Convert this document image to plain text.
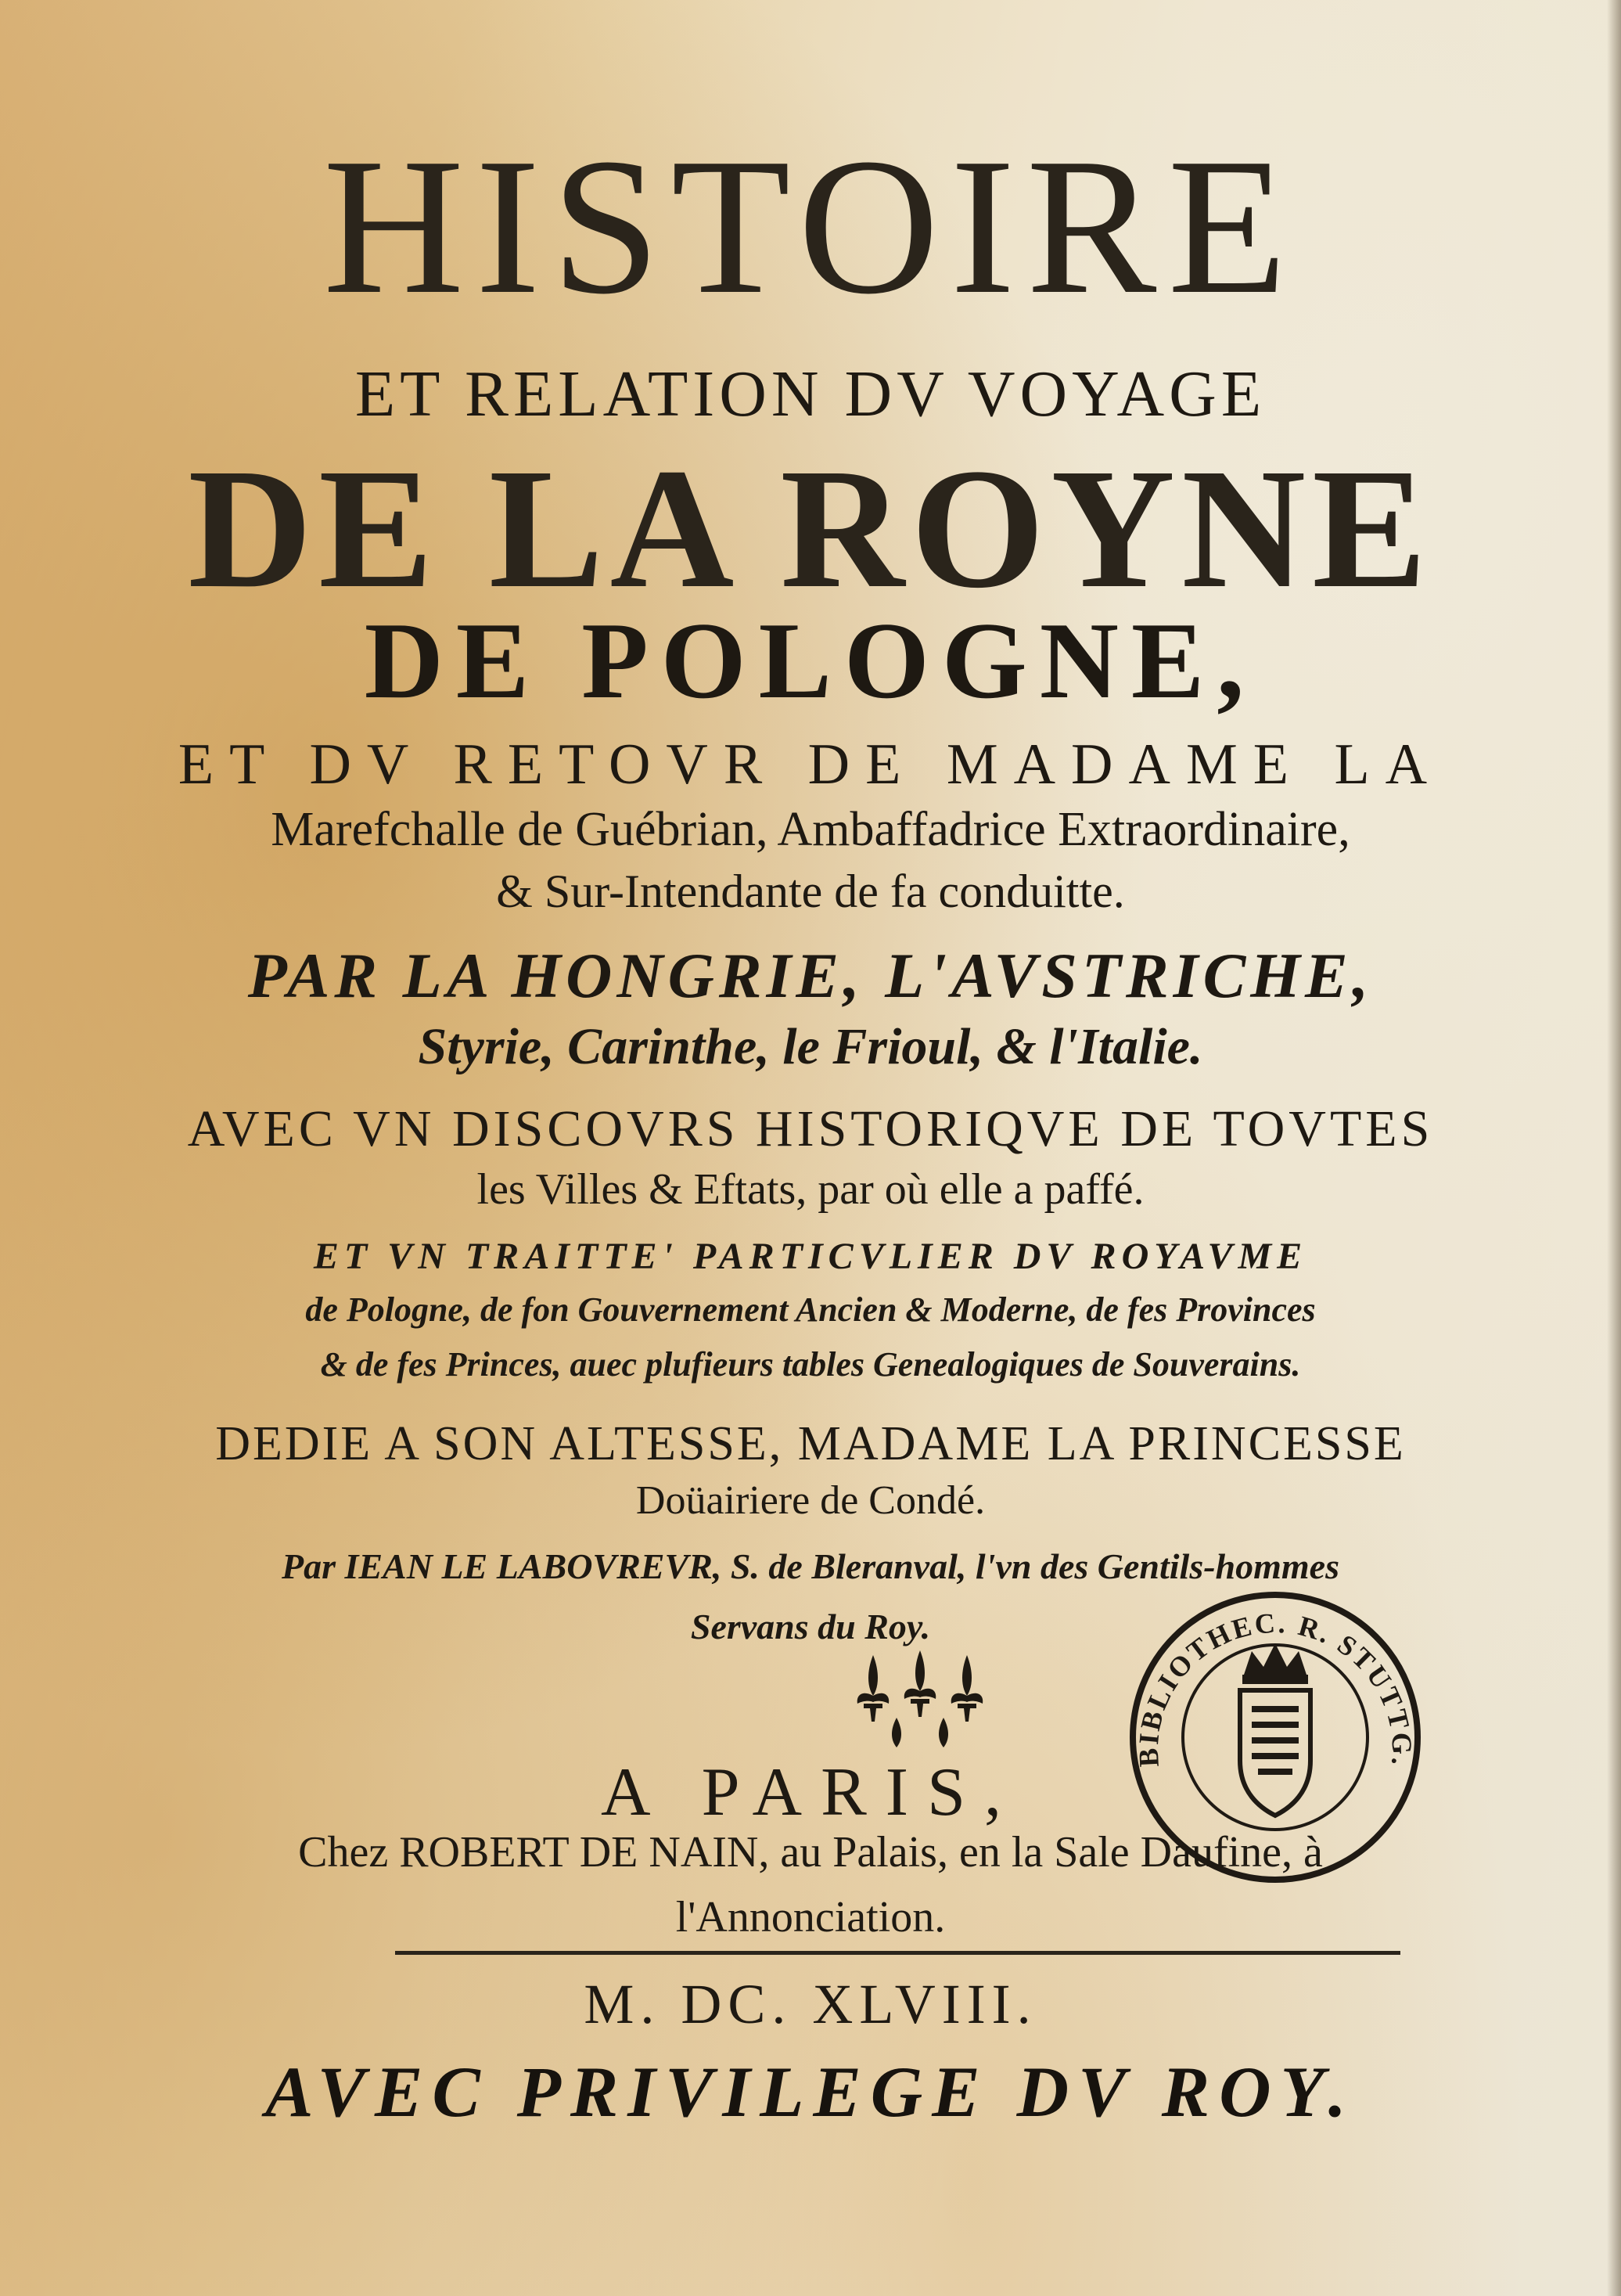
HISTOIRE
ET RELATION DV VOYAGE
DE LA ROYNE
DE POLOGNE,
ET DV RETOVR DE MADAME LA
Marefchalle de Guébrian, Ambaffadrice Extraordinaire,
& Sur-Intendante de fa conduitte.
PAR LA HONGRIE, L'AVSTRICHE,
Styrie, Carinthe, le Frioul, & l'Italie.
AVEC VN DISCOVRS HISTORIQVE DE TOVTES
les Villes & Eftats, par où elle a paffé.
ET VN TRAITTE' PARTICVLIER DV ROYAVME
de Pologne, de fon Gouvernement Ancien & Moderne, de fes Provinces
& de fes Princes, auec plufieurs tables Genealogiques de Souverains.
DEDIE A SON ALTESSE, MADAME LA PRINCESSE
Doüairiere de Condé.
Par IEAN LE LABOVREVR, S. de Bleranval, l'vn des Gentils-hommes
Servans du Roy.
BIBLIOTHEC. R. STUTTG.
A PARIS,
Chez ROBERT DE NAIN, au Palais, en la Sale Daufine, à
l'Annonciation.
M. DC. XLVIII.
AVEC PRIVILEGE DV ROY.
